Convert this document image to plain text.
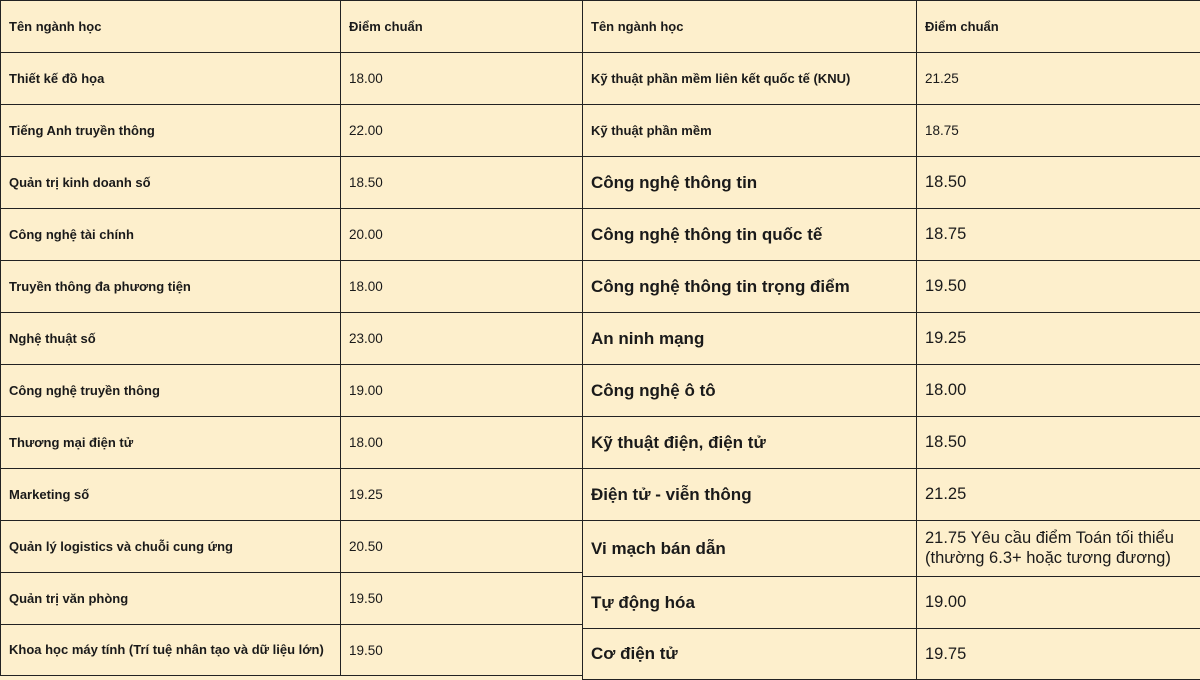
Tên ngành học	Điểm chuẩn
Thiết kế đồ họa	18.00
Tiếng Anh truyền thông	22.00
Quản trị kinh doanh số	18.50
Công nghệ tài chính	20.00
Truyền thông đa phương tiện	18.00
Nghệ thuật số	23.00
Công nghệ truyền thông	19.00
Thương mại điện tử	18.00
Marketing số	19.25
Quản lý logistics và chuỗi cung ứng	20.50
Quản trị văn phòng	19.50
Khoa học máy tính (Trí tuệ nhân tạo và dữ liệu lớn)	19.50
Tên ngành học	Điểm chuẩn
Kỹ thuật phần mềm liên kết quốc tế (KNU)	21.25
Kỹ thuật phần mềm	18.75
Công nghệ thông tin	18.50
Công nghệ thông tin quốc tế	18.75
Công nghệ thông tin trọng điểm	19.50
An ninh mạng	19.25
Công nghệ ô tô	18.00
Kỹ thuật điện, điện tử	18.50
Điện tử - viễn thông	21.25
Vi mạch bán dẫn	21.75 Yêu cầu điểm Toán tối thiểu (thường 6.3+ hoặc tương đương)
Tự động hóa	19.00
Cơ điện tử	19.75
